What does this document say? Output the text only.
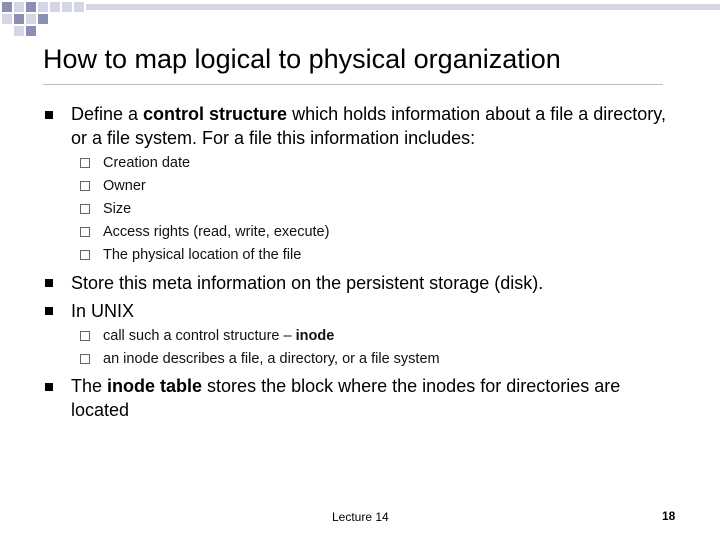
How to map logical to physical organization
Define a control structure which holds information about a file a directory, or a file system. For a file this information includes:
Creation date
Owner
Size
Access rights (read, write, execute)
The physical location of the file
Store this meta information on the persistent storage (disk).
In UNIX
call such a control structure – inode
an inode describes a file, a directory, or a file system
The inode table stores the block where the inodes for directories are located
Lecture 14	18
